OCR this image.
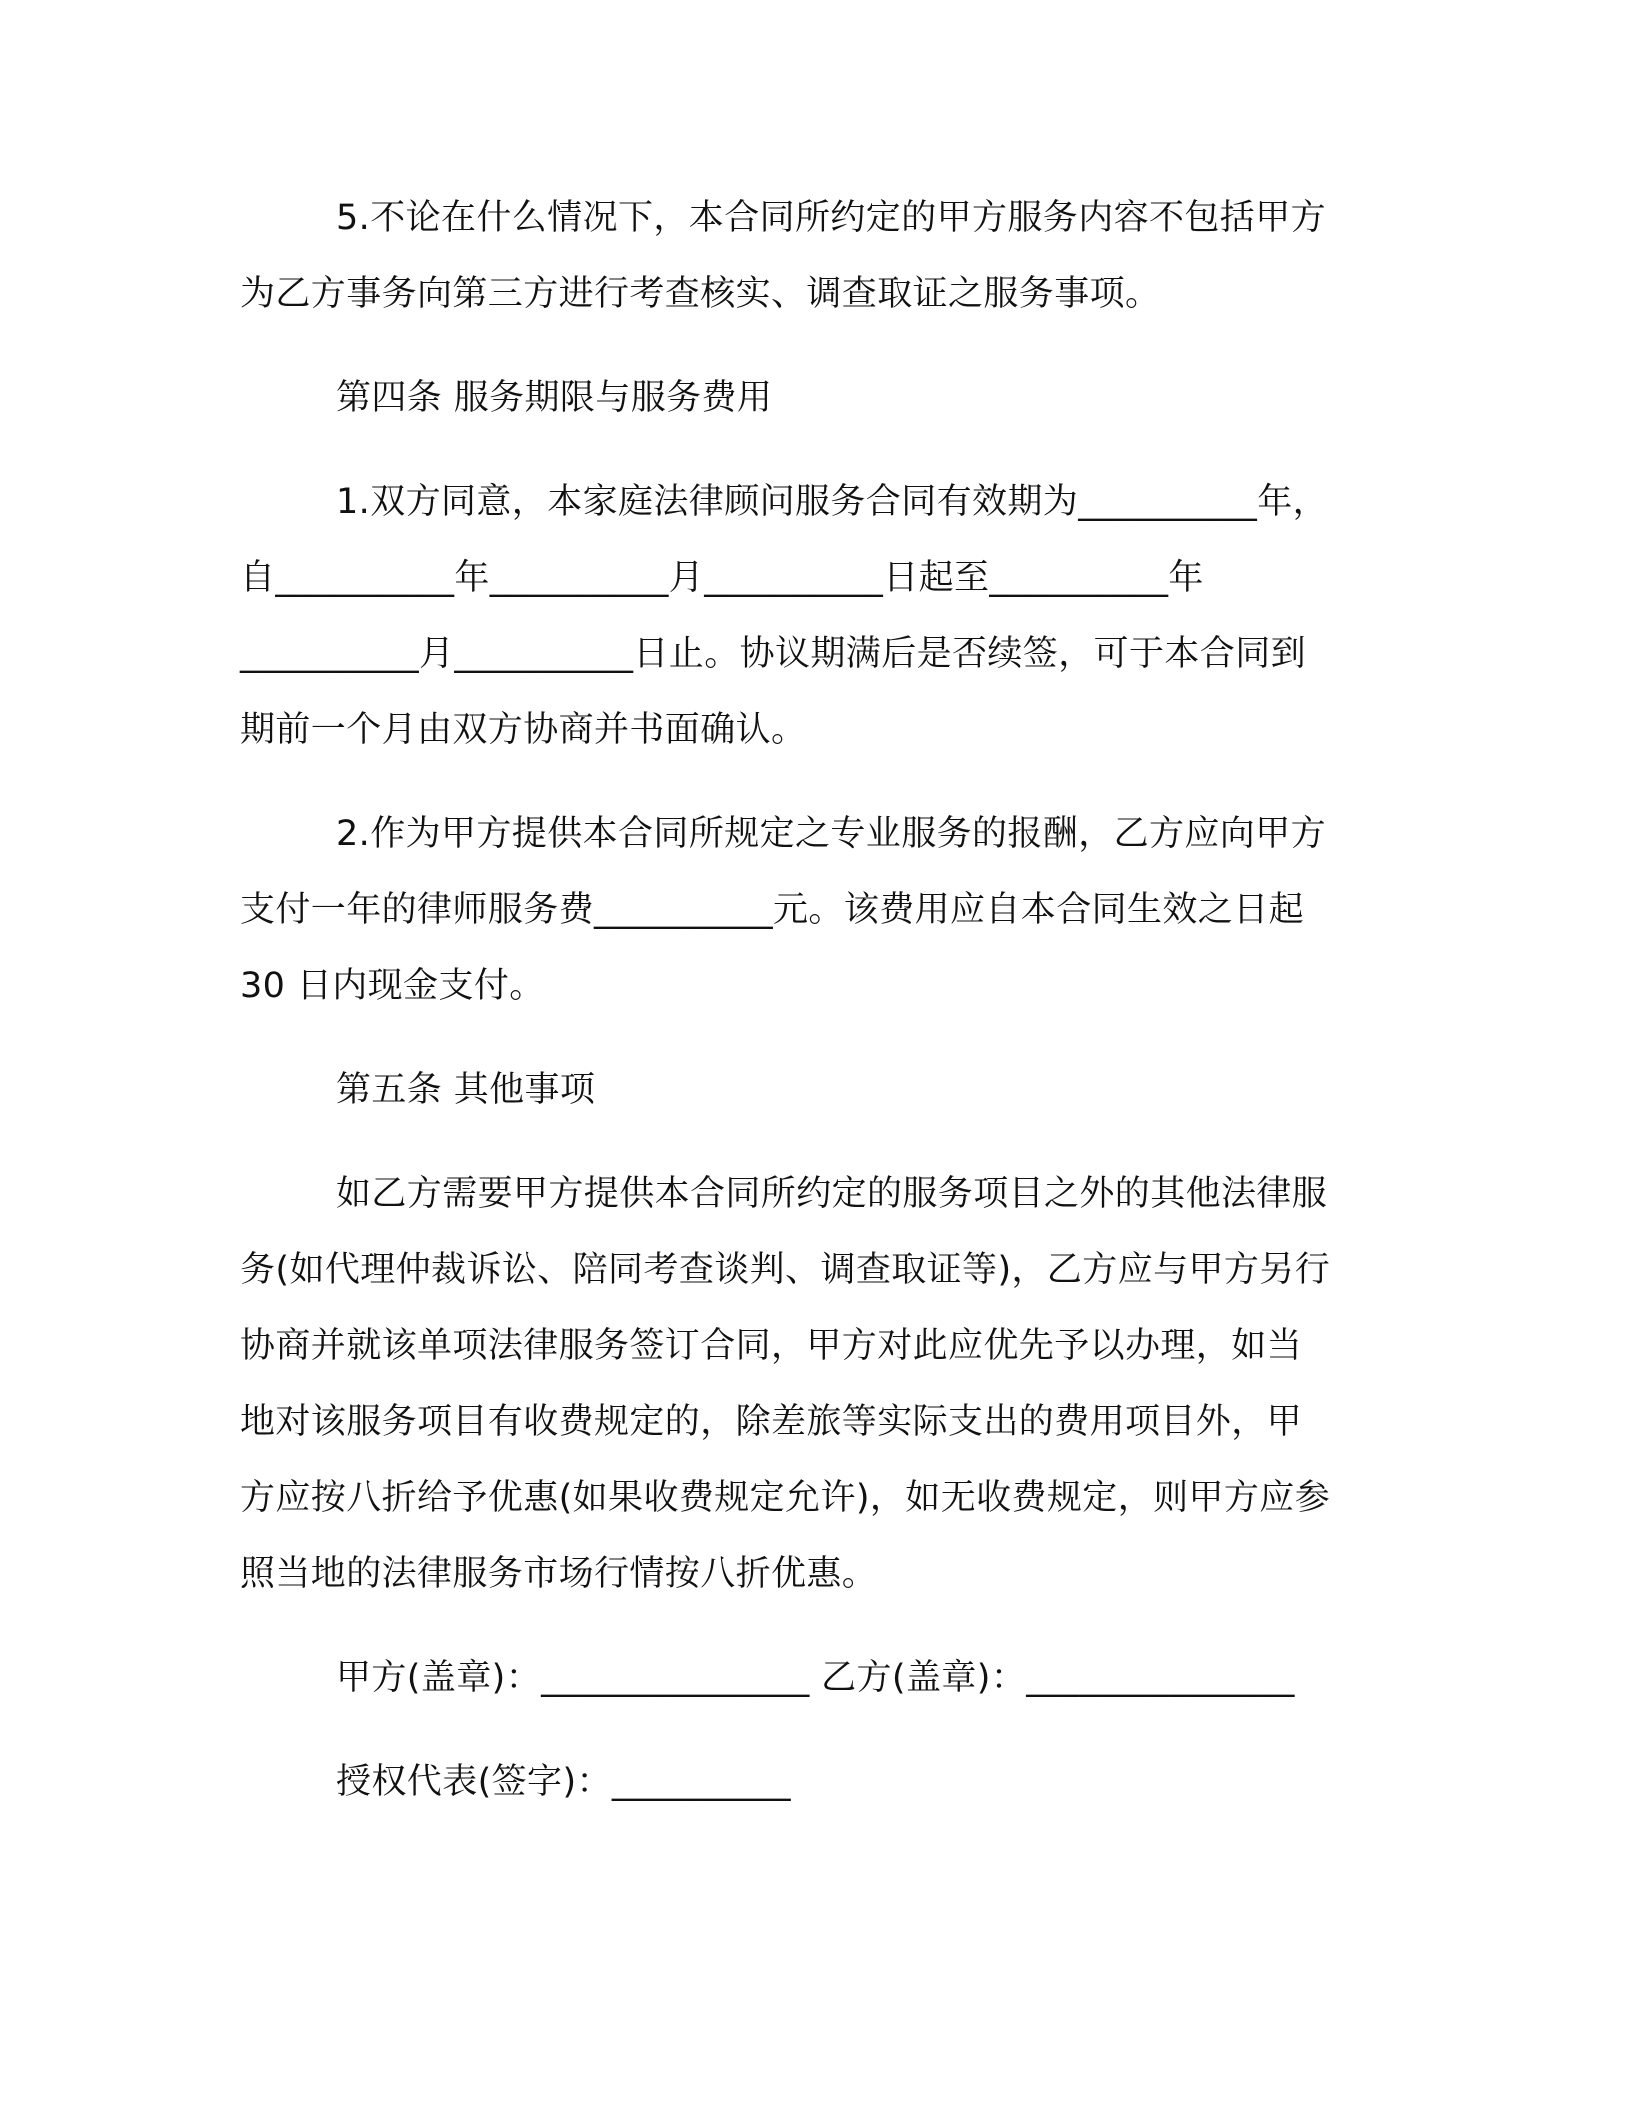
5.不论在什么情况下，本合同所约定的甲方服务内容不包括甲方

为乙方事务向第三方进行考查核实、调查取证之服务事项。

第四条 服务期限与服务费用

1.双方同意，本家庭法律顾问服务合同有效期为__________年，

自__________年__________月__________日起至__________年

__________月__________日止。协议期满后是否续签，可于本合同到

期前一个月由双方协商并书面确认。

2.作为甲方提供本合同所规定之专业服务的报酬，乙方应向甲方

支付一年的律师服务费__________元。该费用应自本合同生效之日起

30 日内现金支付。

第五条 其他事项

如乙方需要甲方提供本合同所约定的服务项目之外的其他法律服

务(如代理仲裁诉讼、陪同考查谈判、调查取证等)，乙方应与甲方另行

协商并就该单项法律服务签订合同，甲方对此应优先予以办理，如当

地对该服务项目有收费规定的，除差旅等实际支出的费用项目外，甲

方应按八折给予优惠(如果收费规定允许)，如无收费规定，则甲方应参

照当地的法律服务市场行情按八折优惠。

甲方(盖章)：_______________ 乙方(盖章)：_______________

授权代表(签字)：__________
